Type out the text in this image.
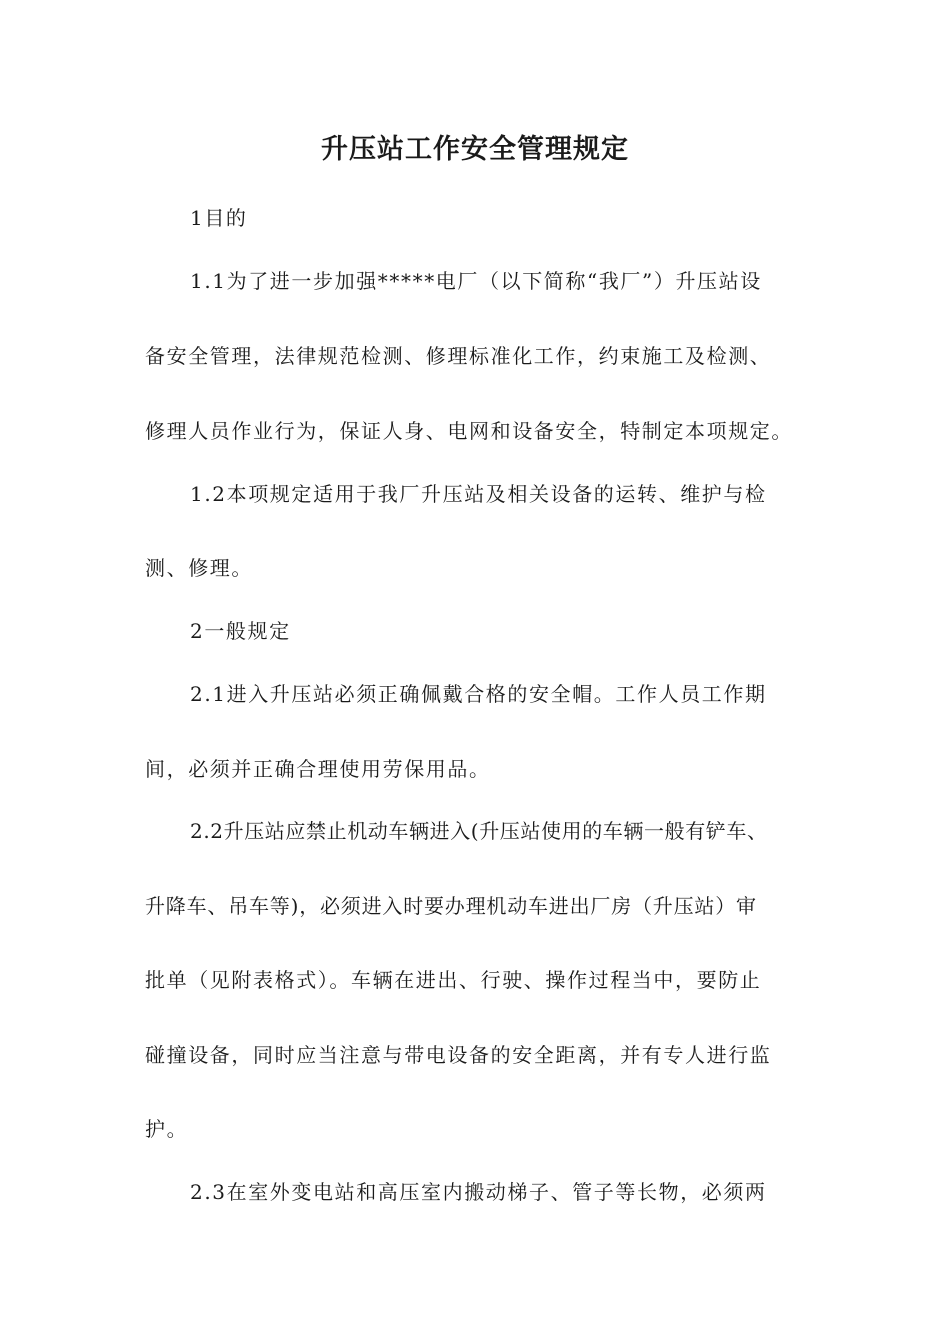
升压站工作安全管理规定

1目的

1.1为了进一步加强*****电厂（以下简称“我厂”）升压站设

备安全管理，法律规范检测、修理标准化工作，约束施工及检测、

修理人员作业行为，保证人身、电网和设备安全，特制定本项规定。

1.2本项规定适用于我厂升压站及相关设备的运转、维护与检

测、修理。

2一般规定

2.1进入升压站必须正确佩戴合格的安全帽。工作人员工作期

间，必须并正确合理使用劳保用品。

2.2升压站应禁止机动车辆进入(升压站使用的车辆一般有铲车、

升降车、吊车等)，必须进入时要办理机动车进出厂房（升压站）审

批单（见附表格式）。车辆在进出、行驶、操作过程当中，要防止

碰撞设备，同时应当注意与带电设备的安全距离，并有专人进行监

护。

2.3在室外变电站和高压室内搬动梯子、管子等长物，必须两
